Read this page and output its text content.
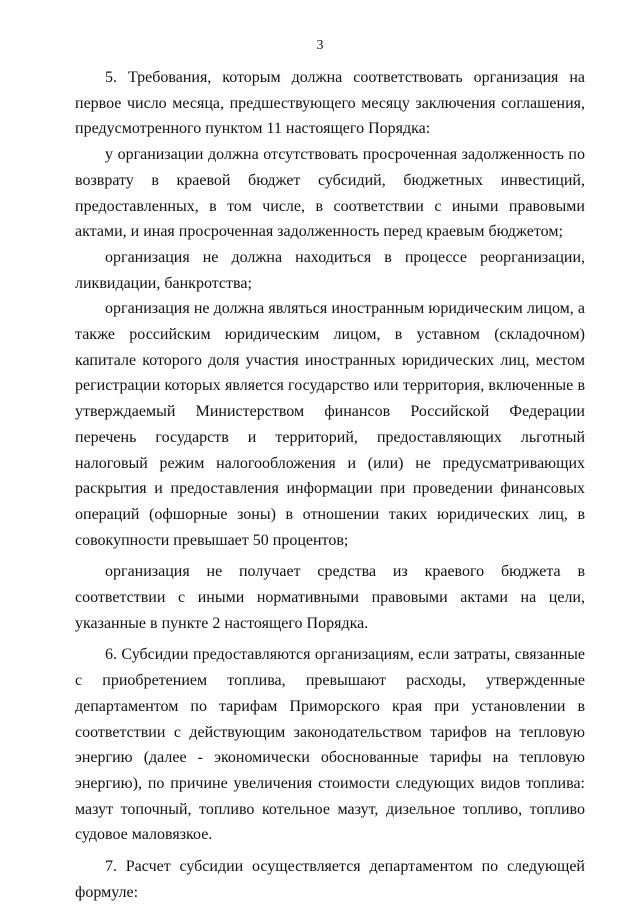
3

5. Требования, которым должна соответствовать организация на первое число месяца, предшествующего месяцу заключения соглашения, предусмотренного пунктом 11 настоящего Порядка:

у организации должна отсутствовать просроченная задолженность по возврату в краевой бюджет субсидий, бюджетных инвестиций, предоставленных, в том числе, в соответствии с иными правовыми актами, и иная просроченная задолженность перед краевым бюджетом;

организация не должна находиться в процессе реорганизации, ликвидации, банкротства;

организация не должна являться иностранным юридическим лицом, а также российским юридическим лицом, в уставном (складочном) капитале которого доля участия иностранных юридических лиц, местом регистрации которых является государство или территория, включенные в утверждаемый Министерством финансов Российской Федерации перечень государств и территорий, предоставляющих льготный налоговый режим налогообложения и (или) не предусматривающих раскрытия и предоставления информации при проведении финансовых операций (офшорные зоны) в отношении таких юридических лиц, в совокупности превышает 50 процентов;

организация не получает средства из краевого бюджета в соответствии с иными нормативными правовыми актами на цели, указанные в пункте 2 настоящего Порядка.

6. Субсидии предоставляются организациям, если затраты, связанные с приобретением топлива, превышают расходы, утвержденные департаментом по тарифам Приморского края при установлении в соответствии с действующим законодательством тарифов на тепловую энергию (далее - экономически обоснованные тарифы на тепловую энергию), по причине увеличения стоимости следующих видов топлива: мазут топочный, топливо котельное мазут, дизельное топливо, топливо судовое маловязкое.

7. Расчет субсидии осуществляется департаментом по следующей формуле:
